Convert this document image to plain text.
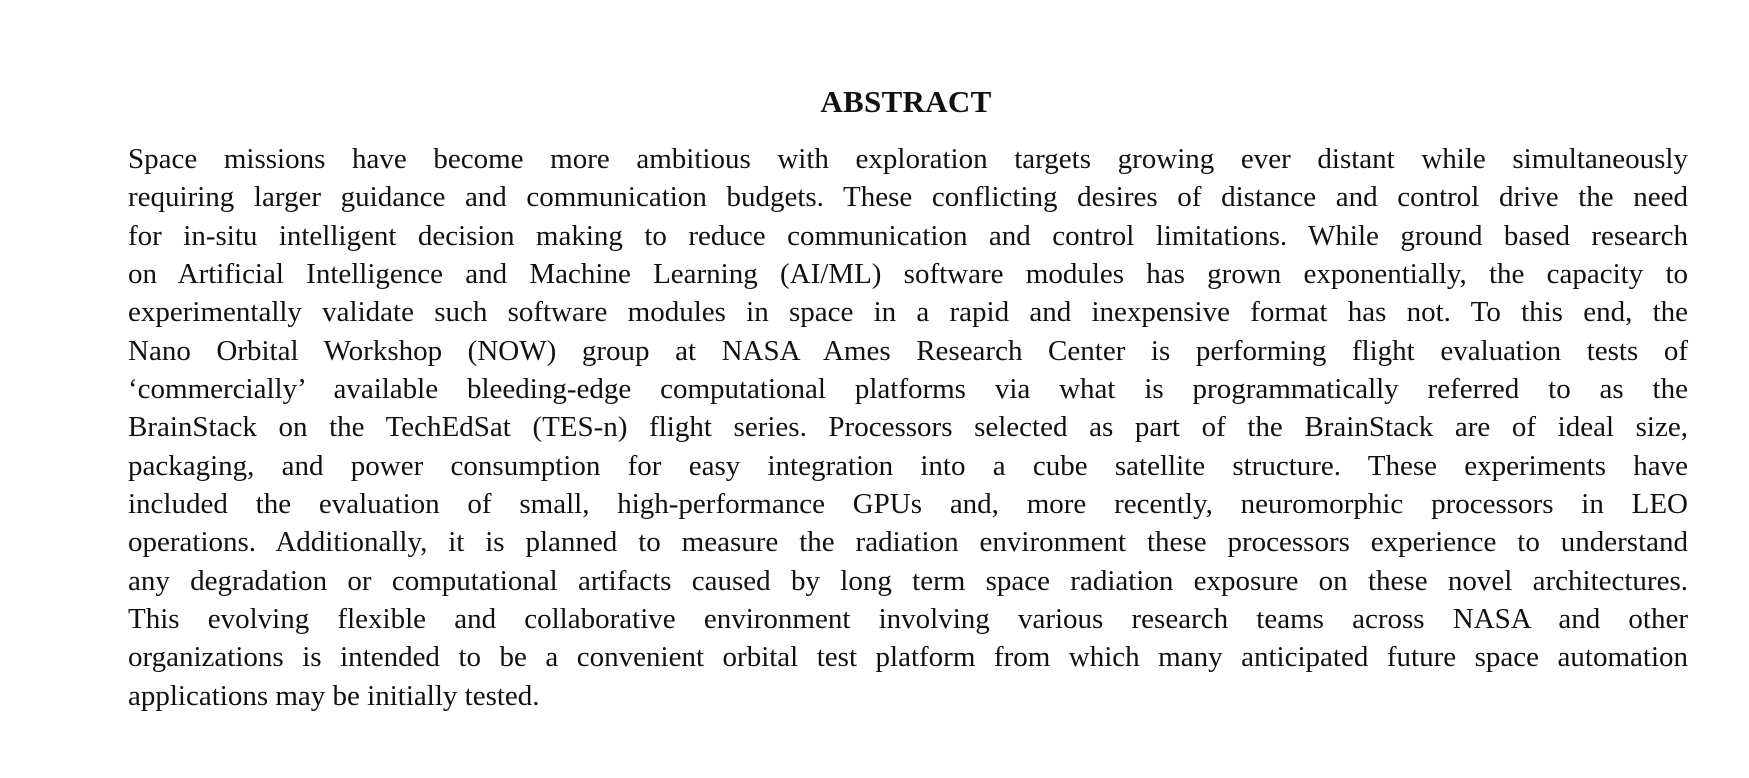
ABSTRACT
Space missions have become more ambitious with exploration targets growing ever distant while simultaneously
requiring larger guidance and communication budgets. These conflicting desires of distance and control drive the need
for in-situ intelligent decision making to reduce communication and control limitations. While ground based research
on Artificial Intelligence and Machine Learning (AI/ML) software modules has grown exponentially, the capacity to
experimentally validate such software modules in space in a rapid and inexpensive format has not. To this end, the
Nano Orbital Workshop (NOW) group at NASA Ames Research Center is performing flight evaluation tests of
‘commercially’ available bleeding-edge computational platforms via what is programmatically referred to as the
BrainStack on the TechEdSat (TES-n) flight series. Processors selected as part of the BrainStack are of ideal size,
packaging, and power consumption for easy integration into a cube satellite structure. These experiments have
included the evaluation of small, high-performance GPUs and, more recently, neuromorphic processors in LEO
operations. Additionally, it is planned to measure the radiation environment these processors experience to understand
any degradation or computational artifacts caused by long term space radiation exposure on these novel architectures.
This evolving flexible and collaborative environment involving various research teams across NASA and other
organizations is intended to be a convenient orbital test platform from which many anticipated future space automation
applications may be initially tested.
